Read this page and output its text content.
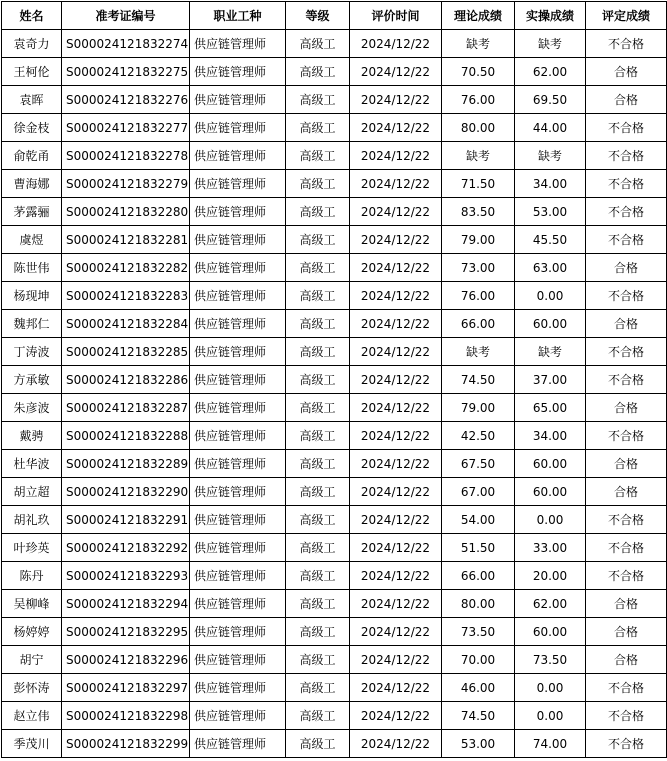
姓名	准考证编号	职业工种	等级	评价时间	理论成绩	实操成绩	评定成绩
袁奇力	S000024121832274	供应链管理师	高级工	2024/12/22	缺考	缺考	不合格
王柯伦	S000024121832275	供应链管理师	高级工	2024/12/22	70.50	62.00	合格
袁晖	S000024121832276	供应链管理师	高级工	2024/12/22	76.00	69.50	合格
徐金枝	S000024121832277	供应链管理师	高级工	2024/12/22	80.00	44.00	不合格
俞乾甬	S000024121832278	供应链管理师	高级工	2024/12/22	缺考	缺考	不合格
曹海娜	S000024121832279	供应链管理师	高级工	2024/12/22	71.50	34.00	不合格
茅露骊	S000024121832280	供应链管理师	高级工	2024/12/22	83.50	53.00	不合格
虞煜	S000024121832281	供应链管理师	高级工	2024/12/22	79.00	45.50	不合格
陈世伟	S000024121832282	供应链管理师	高级工	2024/12/22	73.00	63.00	合格
杨现坤	S000024121832283	供应链管理师	高级工	2024/12/22	76.00	0.00	不合格
魏邦仁	S000024121832284	供应链管理师	高级工	2024/12/22	66.00	60.00	合格
丁涛波	S000024121832285	供应链管理师	高级工	2024/12/22	缺考	缺考	不合格
方承敏	S000024121832286	供应链管理师	高级工	2024/12/22	74.50	37.00	不合格
朱彦波	S000024121832287	供应链管理师	高级工	2024/12/22	79.00	65.00	合格
戴骋	S000024121832288	供应链管理师	高级工	2024/12/22	42.50	34.00	不合格
杜华波	S000024121832289	供应链管理师	高级工	2024/12/22	67.50	60.00	合格
胡立超	S000024121832290	供应链管理师	高级工	2024/12/22	67.00	60.00	合格
胡礼玖	S000024121832291	供应链管理师	高级工	2024/12/22	54.00	0.00	不合格
叶珍英	S000024121832292	供应链管理师	高级工	2024/12/22	51.50	33.00	不合格
陈丹	S000024121832293	供应链管理师	高级工	2024/12/22	66.00	20.00	不合格
吴柳峰	S000024121832294	供应链管理师	高级工	2024/12/22	80.00	62.00	合格
杨婷婷	S000024121832295	供应链管理师	高级工	2024/12/22	73.50	60.00	合格
胡宁	S000024121832296	供应链管理师	高级工	2024/12/22	70.00	73.50	合格
彭怀涛	S000024121832297	供应链管理师	高级工	2024/12/22	46.00	0.00	不合格
赵立伟	S000024121832298	供应链管理师	高级工	2024/12/22	74.50	0.00	不合格
季茂川	S000024121832299	供应链管理师	高级工	2024/12/22	53.00	74.00	不合格
